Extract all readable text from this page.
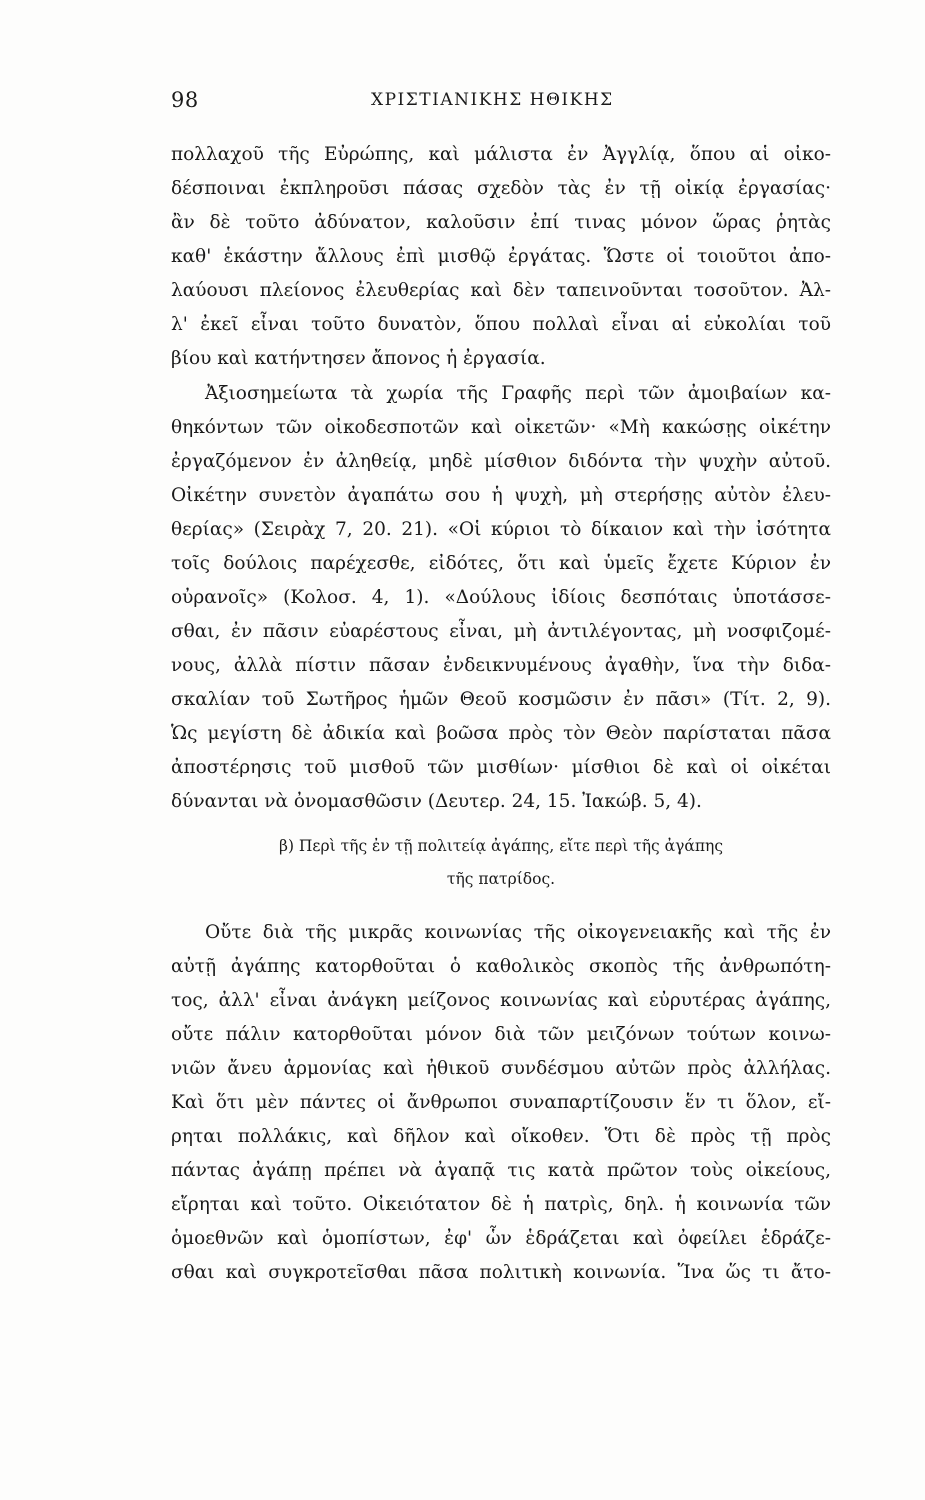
98	ΧΡΙΣΤΙΑΝΙΚΗΣ ΗΘΙΚΗΣ
πολλαχοῦ τῆς Εὐρώπης, καὶ μάλιστα ἐν Ἀγγλίᾳ, ὅπου αἱ οἰκο-
δέσποιναι ἐκπληροῦσι πάσας σχεδὸν τὰς ἐν τῇ οἰκίᾳ ἐργασίας·
ἂν δὲ τοῦτο ἀδύνατον, καλοῦσιν ἐπί τινας μόνον ὥρας ῥητὰς
καθ' ἑκάστην ἄλλους ἐπὶ μισθῷ ἐργάτας. Ὥστε οἱ τοιοῦτοι ἀπο-
λαύουσι πλείονος ἐλευθερίας καὶ δὲν ταπεινοῦνται τοσοῦτον. Ἀλ-
λ' ἐκεῖ εἶναι τοῦτο δυνατὸν, ὅπου πολλαὶ εἶναι αἱ εὐκολίαι τοῦ
βίου καὶ κατήντησεν ἄπονος ἡ ἐργασία.
Ἀξιοσημείωτα τὰ χωρία τῆς Γραφῆς περὶ τῶν ἀμοιβαίων κα-
θηκόντων τῶν οἰκοδεσποτῶν καὶ οἰκετῶν· «Μὴ κακώσῃς οἰκέτην
ἐργαζόμενον ἐν ἀληθείᾳ, μηδὲ μίσθιον διδόντα τὴν ψυχὴν αὐτοῦ.
Οἰκέτην συνετὸν ἀγαπάτω σου ἡ ψυχὴ, μὴ στερήσῃς αὐτὸν ἐλευ-
θερίας» (Σειρὰχ 7, 20. 21). «Οἱ κύριοι τὸ δίκαιον καὶ τὴν ἰσότητα
τοῖς δούλοις παρέχεσθε, εἰδότες, ὅτι καὶ ὑμεῖς ἔχετε Κύριον ἐν
οὐρανοῖς» (Κολοσ. 4, 1). «Δούλους ἰδίοις δεσπόταις ὑποτάσσε-
σθαι, ἐν πᾶσιν εὐαρέστους εἶναι, μὴ ἀντιλέγοντας, μὴ νοσφιζομέ-
νους, ἀλλὰ πίστιν πᾶσαν ἐνδεικνυμένους ἀγαθὴν, ἵνα τὴν διδα-
σκαλίαν τοῦ Σωτῆρος ἡμῶν Θεοῦ κοσμῶσιν ἐν πᾶσι» (Τίτ. 2, 9).
Ὡς μεγίστη δὲ ἀδικία καὶ βοῶσα πρὸς τὸν Θεὸν παρίσταται πᾶσα
ἀποστέρησις τοῦ μισθοῦ τῶν μισθίων· μίσθιοι δὲ καὶ οἱ οἰκέται
δύνανται νὰ ὀνομασθῶσιν (Δευτερ. 24, 15. Ἰακώβ. 5, 4).
β) Περὶ τῆς ἐν τῇ πολιτείᾳ ἀγάπης, εἴτε περὶ τῆς ἀγάπης
τῆς πατρίδος.
Οὔτε διὰ τῆς μικρᾶς κοινωνίας τῆς οἰκογενειακῆς καὶ τῆς ἐν
αὐτῇ ἀγάπης κατορθοῦται ὁ καθολικὸς σκοπὸς τῆς ἀνθρωπότη-
τος, ἀλλ' εἶναι ἀνάγκη μείζονος κοινωνίας καὶ εὐρυτέρας ἀγάπης,
οὔτε πάλιν κατορθοῦται μόνον διὰ τῶν μειζόνων τούτων κοινω-
νιῶν ἄνευ ἁρμονίας καὶ ἠθικοῦ συνδέσμου αὐτῶν πρὸς ἀλλήλας.
Καὶ ὅτι μὲν πάντες οἱ ἄνθρωποι συναπαρτίζουσιν ἕν τι ὅλον, εἴ-
ρηται πολλάκις, καὶ δῆλον καὶ οἴκοθεν. Ὅτι δὲ πρὸς τῇ πρὸς
πάντας ἀγάπῃ πρέπει νὰ ἀγαπᾷ τις κατὰ πρῶτον τοὺς οἰκείους,
εἴρηται καὶ τοῦτο. Οἰκειότατον δὲ ἡ πατρὶς, δηλ. ἡ κοινωνία τῶν
ὁμοεθνῶν καὶ ὁμοπίστων, ἐφ' ὧν ἑδράζεται καὶ ὀφείλει ἑδράζε-
σθαι καὶ συγκροτεῖσθαι πᾶσα πολιτικὴ κοινωνία. Ἵνα ὥς τι ἄτο-
